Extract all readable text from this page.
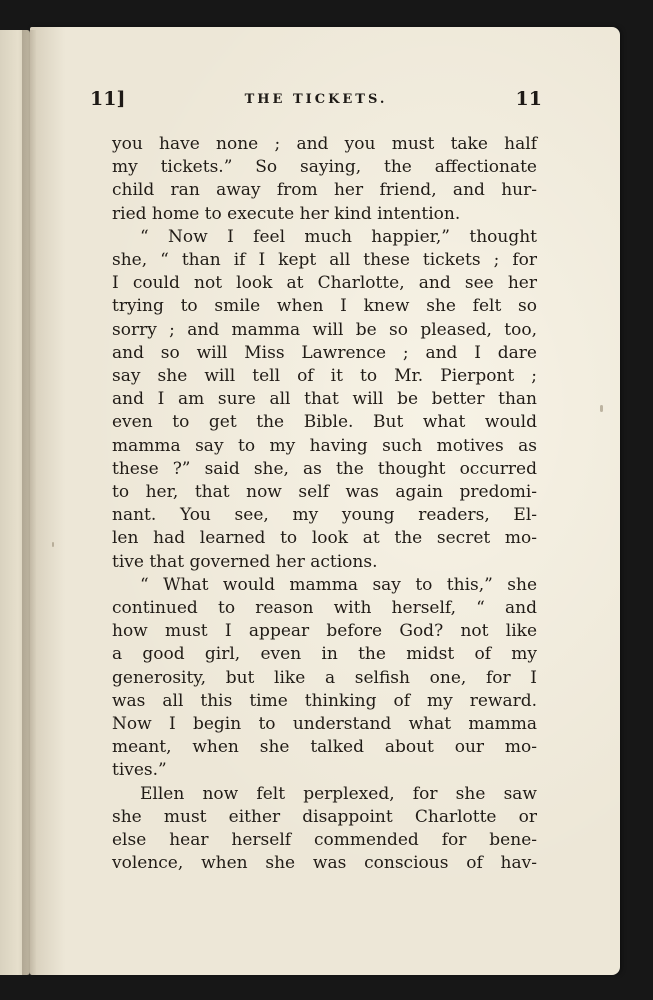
11]	THE TICKETS.	11

you have none ; and you must take half

my tickets.” So saying, the affectionate

child ran away from her friend, and hur-

ried home to execute her kind intention.

“ Now I feel much happier,” thought

she, “ than if I kept all these tickets ; for

I could not look at Charlotte, and see her

trying to smile when I knew she felt so

sorry ; and mamma will be so pleased, too,

and so will Miss Lawrence ; and I dare

say she will tell of it to Mr. Pierpont ;

and I am sure all that will be better than

even to get the Bible. But what would

mamma say to my having such motives as

these ?” said she, as the thought occurred

to her, that now self was again predomi-

nant. You see, my young readers, El-

len had learned to look at the secret mo-

tive that governed her actions.

“ What would mamma say to this,” she

continued to reason with herself, “ and

how must I appear before God? not like

a good girl, even in the midst of my

generosity, but like a selfish one, for I

was all this time thinking of my reward.

Now I begin to understand what mamma

meant, when she talked about our mo-

tives.”

Ellen now felt perplexed, for she saw

she must either disappoint Charlotte or

else hear herself commended for bene-

volence, when she was conscious of hav-
